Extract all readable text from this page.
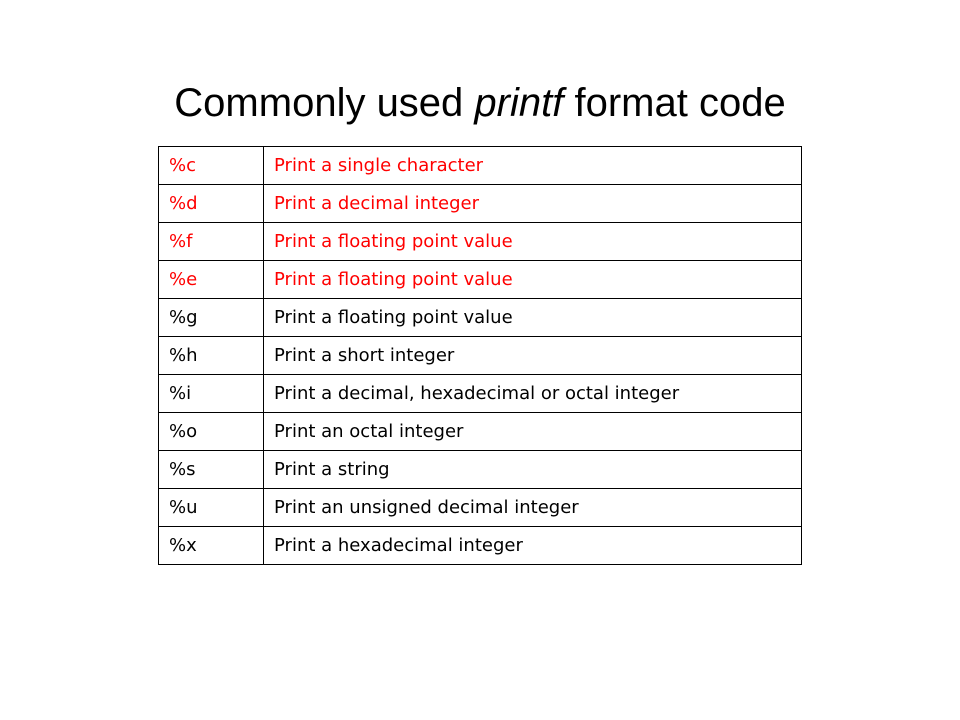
Commonly used printf format code
%c	Print a single character
%d	Print a decimal integer
%f	Print a floating point value
%e	Print a floating point value
%g	Print a floating point value
%h	Print a short integer
%i	Print a decimal, hexadecimal or octal integer
%o	Print an octal integer
%s	Print a string
%u	Print an unsigned decimal integer
%x	Print a hexadecimal integer
